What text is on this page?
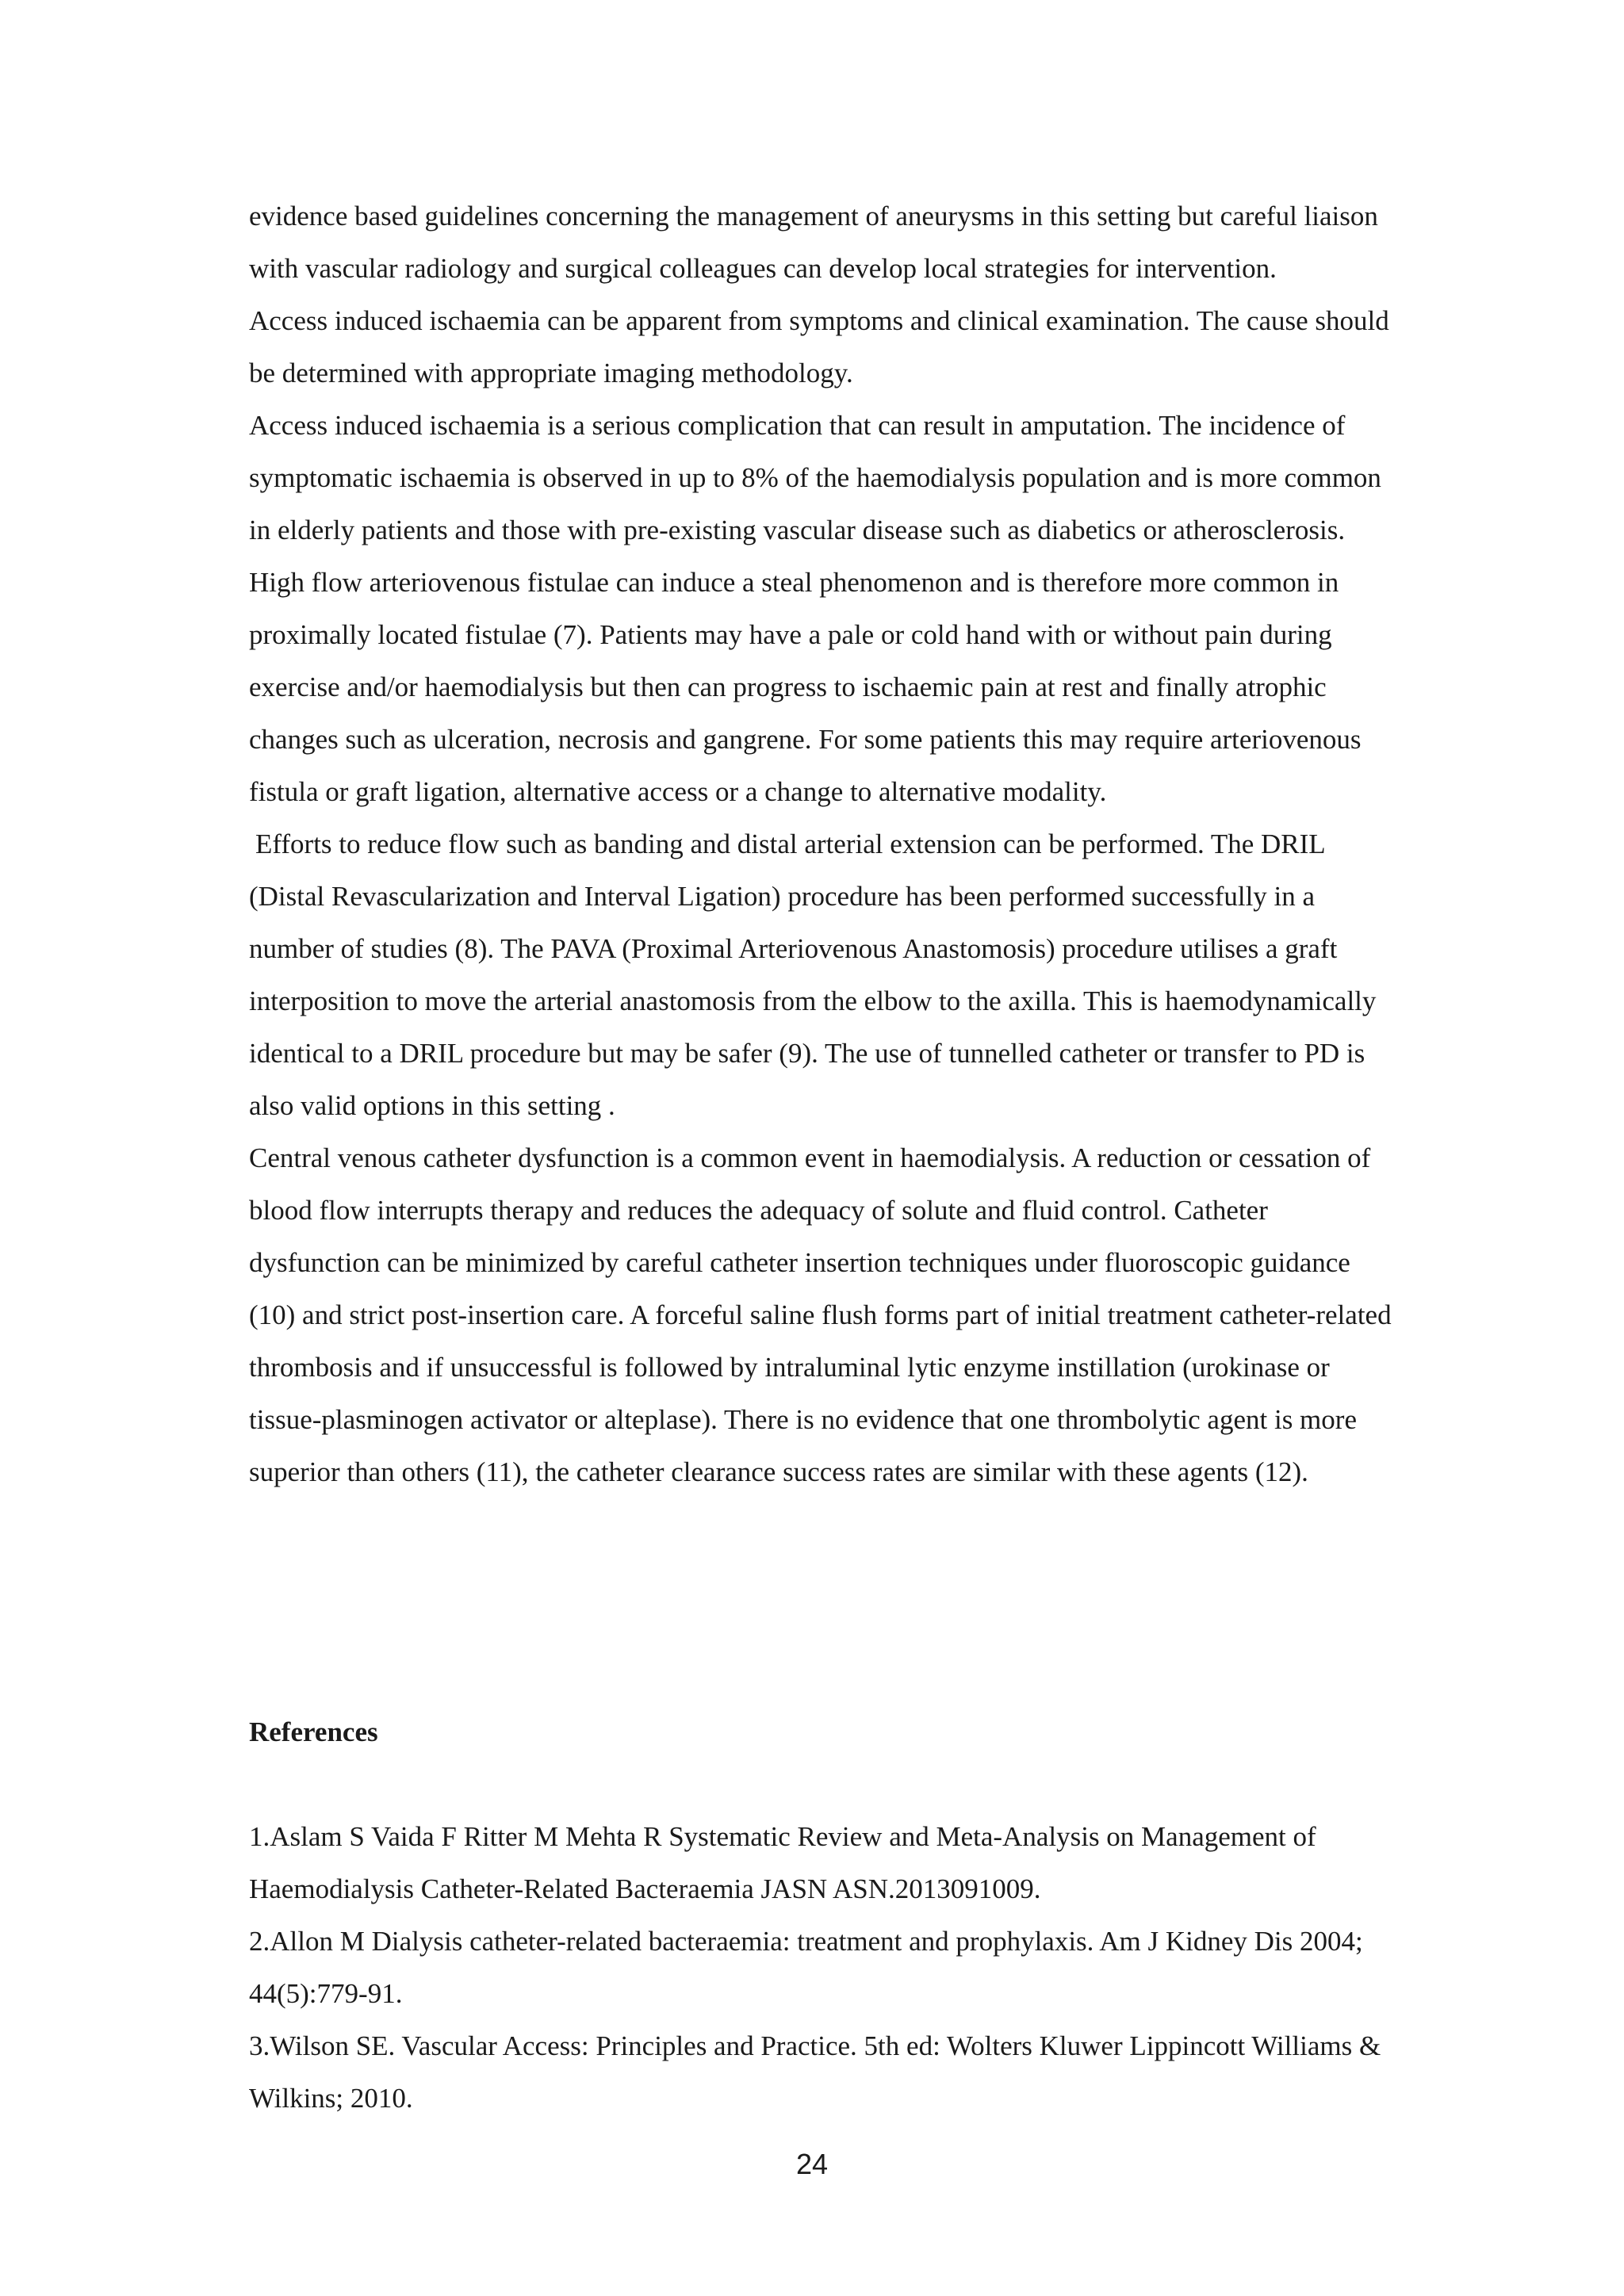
evidence based guidelines concerning the management of aneurysms in this setting but careful liaison with vascular radiology and surgical colleagues can develop local strategies for intervention.

Access induced ischaemia can be apparent from symptoms and clinical examination. The cause should be determined with appropriate imaging methodology.

Access induced ischaemia is a serious complication that can result in amputation. The incidence of symptomatic ischaemia is observed in up to 8% of the haemodialysis population and is more common in elderly patients and those with pre-existing vascular disease such as diabetics or atherosclerosis. High flow arteriovenous fistulae can induce a steal phenomenon and is therefore more common in proximally located fistulae (7). Patients may have a pale or cold hand with or without pain during exercise and/or haemodialysis but then can progress to ischaemic pain at rest and finally atrophic changes such as ulceration, necrosis and gangrene. For some patients this may require arteriovenous fistula or graft ligation, alternative access or a change to alternative modality.

Efforts to reduce flow such as banding and distal arterial extension can be performed. The DRIL (Distal Revascularization and Interval Ligation) procedure has been performed successfully in a number of studies (8). The PAVA (Proximal Arteriovenous Anastomosis) procedure utilises a graft interposition to move the arterial anastomosis from the elbow to the axilla. This is haemodynamically identical to a DRIL procedure but may be safer (9). The use of tunnelled catheter or transfer to PD is also valid options in this setting .

Central venous catheter dysfunction is a common event in haemodialysis. A reduction or cessation of blood flow interrupts therapy and reduces the adequacy of solute and fluid control. Catheter dysfunction can be minimized by careful catheter insertion techniques under fluoroscopic guidance (10) and strict post-insertion care. A forceful saline flush forms part of initial treatment catheter-related thrombosis and if unsuccessful is followed by intraluminal lytic enzyme instillation (urokinase or tissue-plasminogen activator or alteplase). There is no evidence that one thrombolytic agent is more superior than others (11), the catheter clearance success rates are similar with these agents (12).

References

1.Aslam S Vaida F Ritter M Mehta R Systematic Review and Meta-Analysis on Management of Haemodialysis Catheter-Related Bacteraemia JASN ASN.2013091009.

2.Allon M Dialysis catheter-related bacteraemia: treatment and prophylaxis. Am J Kidney Dis 2004; 44(5):779-91.

3.Wilson SE. Vascular Access: Principles and Practice. 5th ed: Wolters Kluwer Lippincott Williams & Wilkins; 2010.

24
